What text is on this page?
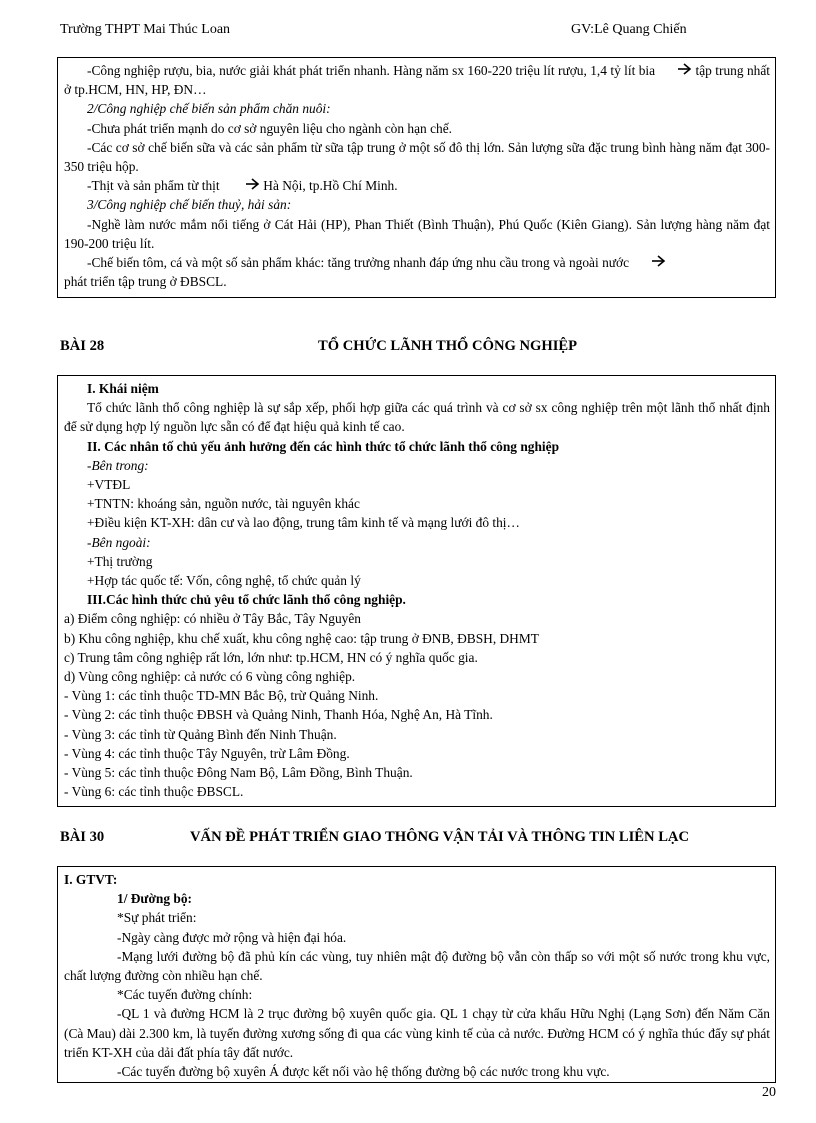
Trường THPT Mai Thúc Loan	GV:Lê Quang Chiến

-Công nghiệp rượu, bia, nước giải khát phát triển nhanh. Hàng năm sx 160-220 triệu lít rượu, 1,4 tỷ lít bia	tập trung nhất ở tp.HCM, HN, HP, ĐN…

2/Công nghiệp chế biến sản phẩm chăn nuôi:

-Chưa phát triển mạnh do cơ sở nguyên liệu cho ngành còn hạn chế.

-Các cơ sở chế biến sữa và các sản phẩm từ sữa tập trung ở một số đô thị lớn. Sản lượng sữa đặc trung bình hàng năm đạt 300-350 triệu hộp.

-Thịt và sản phẩm từ thịt	Hà Nội, tp.Hồ Chí Minh.

3/Công nghiệp chế biến thuỷ, hải sản:

-Nghề làm nước mắm nổi tiếng ở Cát Hải (HP), Phan Thiết (Bình Thuận), Phú Quốc (Kiên Giang). Sản lượng hàng năm đạt 190-200 triệu lít.

-Chế biến tôm, cá và một số sản phẩm khác: tăng trưởng nhanh đáp ứng nhu cầu trong và ngoài nước

phát triển tập trung ở ĐBSCL.

BÀI 28	TỔ CHỨC LÃNH THỔ CÔNG NGHIỆP

I. Khái niệm

Tổ chức lãnh thổ công nghiệp là sự sắp xếp, phối hợp giữa các quá trình và cơ sở sx công nghiệp trên một lãnh thổ nhất định để sử dụng hợp lý nguồn lực sẵn có để đạt hiệu quả kinh tế cao.

II. Các nhân tố chủ yếu ảnh hưởng đến các hình thức tổ chức lãnh thổ công nghiệp

-Bên trong:

+VTĐL

+TNTN: khoáng sản, nguồn nước, tài nguyên khác

+Điều kiện KT-XH: dân cư và lao động, trung tâm kinh tế và mạng lưới đô thị…

-Bên ngoài:

+Thị trường

+Hợp tác quốc tế: Vốn, công nghệ, tổ chức quản lý

III.Các hình thức chủ yêu tổ chức lãnh thổ công nghiệp.

a) Điểm công nghiệp: có nhiều ở Tây Bắc, Tây Nguyên

b) Khu công nghiệp, khu chế xuất, khu công nghệ cao: tập trung ở ĐNB, ĐBSH, DHMT

c) Trung tâm công nghiệp rất lớn, lớn như: tp.HCM, HN có ý nghĩa quốc gia.

d) Vùng công nghiệp: cả nước có 6 vùng công nghiệp.

- Vùng 1: các tỉnh thuộc TD-MN Bắc Bộ, trừ Quảng Ninh.

- Vùng 2: các tỉnh thuộc ĐBSH và Quảng Ninh, Thanh Hóa, Nghệ An, Hà Tĩnh.

- Vùng 3: các tỉnh từ Quảng Bình đến Ninh Thuận.

- Vùng 4: các tỉnh thuộc Tây Nguyên, trừ Lâm Đồng.

- Vùng 5: các tỉnh thuộc Đông Nam Bộ, Lâm Đồng, Bình Thuận.

- Vùng 6: các tỉnh thuộc ĐBSCL.

BÀI 30	VẤN ĐỀ PHÁT TRIỂN GIAO THÔNG VẬN TẢI VÀ THÔNG TIN LIÊN LẠC

I. GTVT:

1/ Đường bộ:

*Sự phát triển:

-Ngày càng được mở rộng và hiện đại hóa.

-Mạng lưới đường bộ đã phủ kín các vùng, tuy nhiên mật độ đường bộ vẫn còn thấp so với một số nước trong khu vực, chất lượng đường còn nhiều hạn chế.

*Các tuyến đường chính:

-QL 1 và đường HCM là 2 trục đường bộ xuyên quốc gia. QL 1 chạy từ cửa khẩu Hữu Nghị (Lạng Sơn) đến Năm Căn (Cà Mau) dài 2.300 km, là tuyến đường xương sống đi qua các vùng kinh tế của cả nước. Đường HCM có ý nghĩa thúc đẩy sự phát triển KT-XH của dải đất phía tây đất nước.

-Các tuyến đường bộ xuyên Á được kết nối vào hệ thống đường bộ các nước trong khu vực.

20
